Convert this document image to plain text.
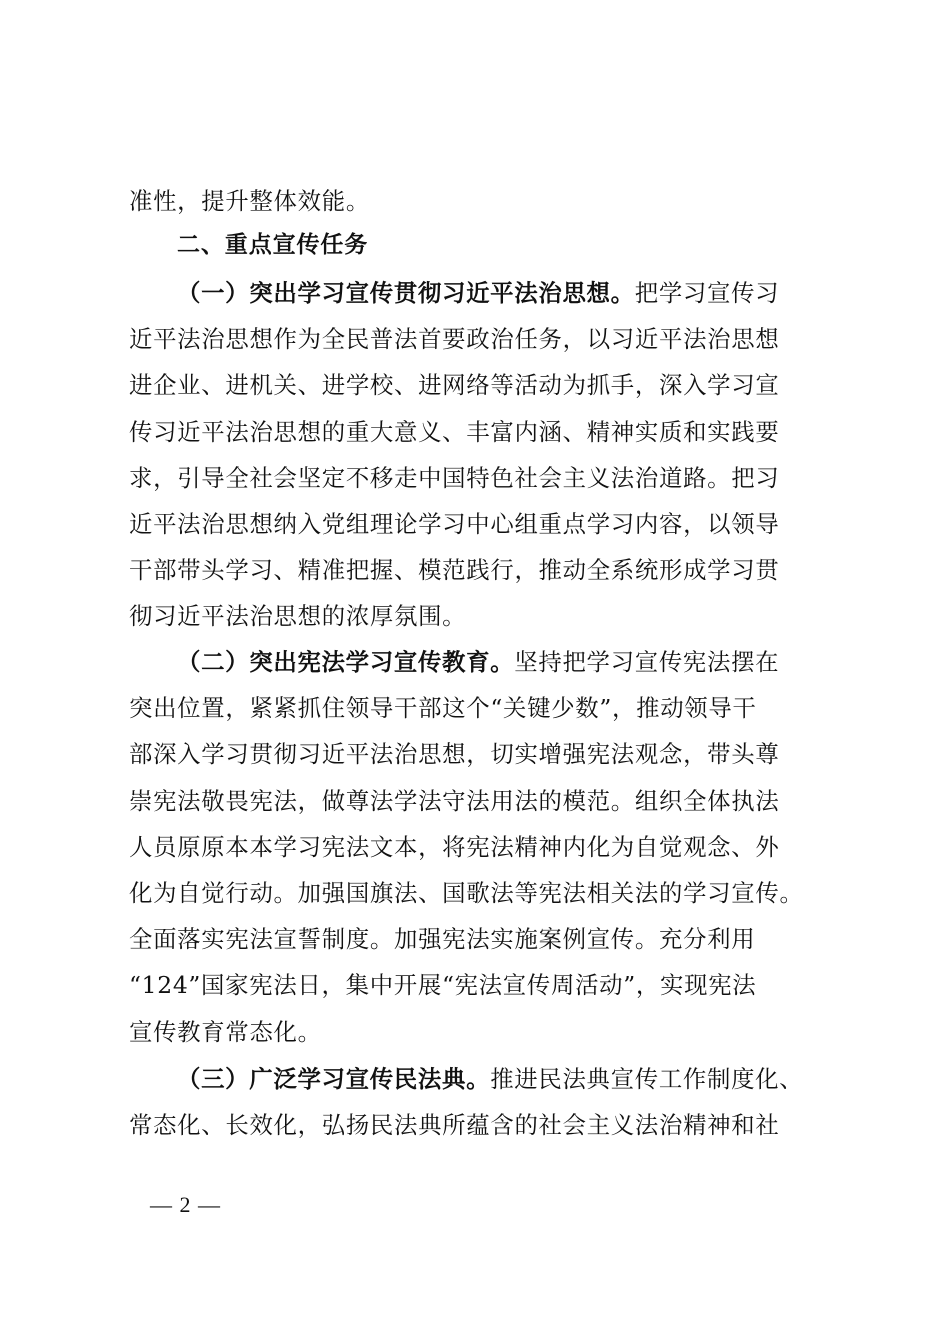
准性，提升整体效能。
二、重点宣传任务
（一）突出学习宣传贯彻习近平法治思想。把学习宣传习
近平法治思想作为全民普法首要政治任务，以习近平法治思想
进企业、进机关、进学校、进网络等活动为抓手，深入学习宣
传习近平法治思想的重大意义、丰富内涵、精神实质和实践要
求，引导全社会坚定不移走中国特色社会主义法治道路。把习
近平法治思想纳入党组理论学习中心组重点学习内容，以领导
干部带头学习、精准把握、模范践行，推动全系统形成学习贯
彻习近平法治思想的浓厚氛围。
（二）突出宪法学习宣传教育。坚持把学习宣传宪法摆在
突出位置，紧紧抓住领导干部这个“关键少数”，推动领导干
部深入学习贯彻习近平法治思想，切实增强宪法观念，带头尊
崇宪法敬畏宪法，做尊法学法守法用法的模范。组织全体执法
人员原原本本学习宪法文本，将宪法精神内化为自觉观念、外
化为自觉行动。加强国旗法、国歌法等宪法相关法的学习宣传。
全面落实宪法宣誓制度。加强宪法实施案例宣传。充分利用
“124”国家宪法日，集中开展“宪法宣传周活动”，实现宪法
宣传教育常态化。
（三）广泛学习宣传民法典。推进民法典宣传工作制度化、
常态化、长效化，弘扬民法典所蕴含的社会主义法治精神和社
— 2 —
